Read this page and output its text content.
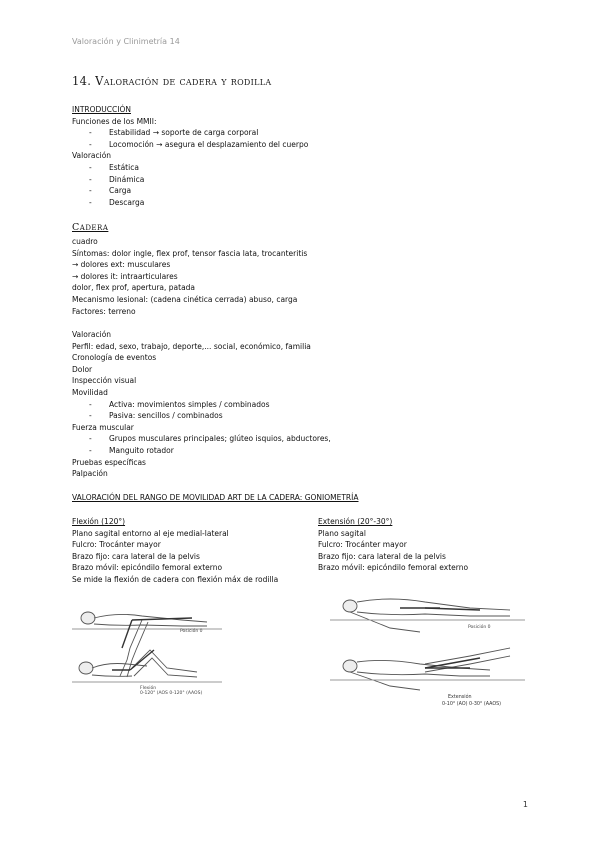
Valoración y Clinimetría 14
14. Valoración de cadera y rodilla
INTRODUCCIÓN
Funciones de los MMII:
- Estabilidad → soporte de carga corporal
- Locomoción → asegura el desplazamiento del cuerpo
Valoración
- Estática
- Dinámica
- Carga
- Descarga
Cadera
cuadro
Síntomas: dolor ingle, flex prof, tensor fascia lata, trocanteritis
→ dolores ext: musculares
→ dolores it: intraarticulares
dolor, flex prof, apertura, patada
Mecanismo lesional: (cadena cinética cerrada) abuso, carga
Factores: terreno
Valoración
Perfil: edad, sexo, trabajo, deporte,... social, económico, familia
Cronología de eventos
Dolor
Inspección visual
Movilidad
- Activa: movimientos simples / combinados
- Pasiva: sencillos / combinados
Fuerza muscular
- Grupos musculares principales; glúteo isquios, abductores,
- Manguito rotador
Pruebas específicas
Palpación
VALORACIÓN DEL RANGO DE MOVILIDAD ART DE LA CADERA: GONIOMETRÍA
Flexión (120°)
Plano sagital entorno al eje medial-lateral
Fulcro: Trocánter mayor
Brazo fijo: cara lateral de la pelvis
Brazo móvil: epicóndilo femoral externo
Se mide la flexión de cadera con flexión máx de rodilla
Extensión (20°-30°)
Plano sagital
Fulcro: Trocánter mayor
Brazo fijo: cara lateral de la pelvis
Brazo móvil: epicóndilo femoral externo
Posición 0
Flexión
0-120° (AOS 0-120° (AAOS)
Posición 0
Extensión
0-10° (AO) 0-30° (AAOS)
1
